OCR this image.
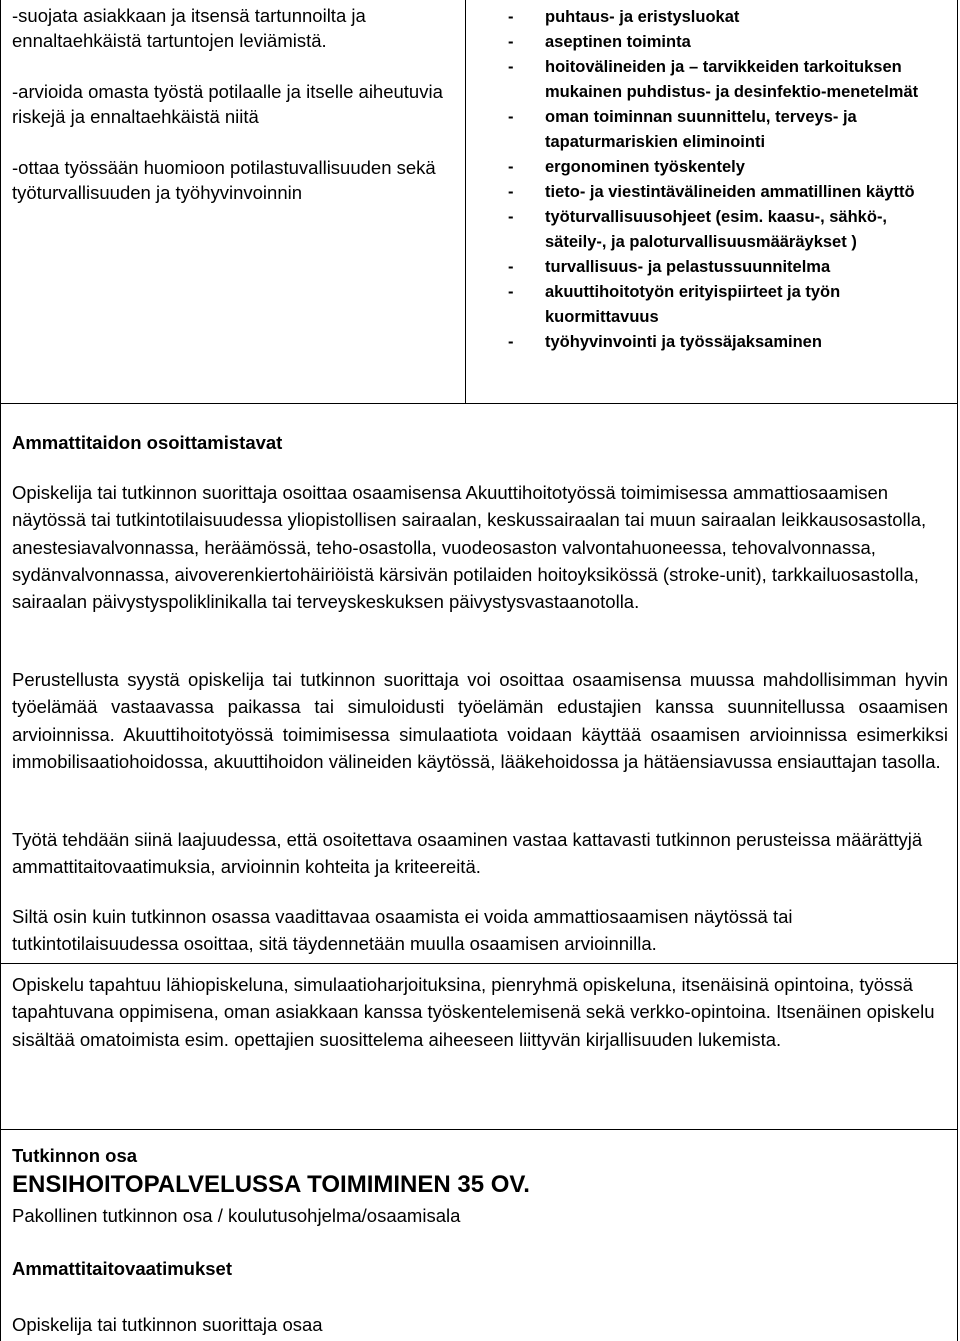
-suojata asiakkaan ja itsensä tartunnoilta ja ennaltaehkäistä tartuntojen leviämistä.

-arvioida omasta työstä potilaalle ja itselle aiheutuvia riskejä ja ennaltaehkäistä niitä

-ottaa työssään huomioon potilastuvallisuuden sekä työturvallisuuden ja työhyvinvoinnin

- puhtaus- ja eristysluokat
- aseptinen toiminta
- hoitovälineiden ja – tarvikkeiden tarkoituksen mukainen puhdistus- ja desinfektio-menetelmät
- oman toiminnan suunnittelu, terveys- ja tapaturmariskien eliminointi
- ergonominen työskentely
- tieto- ja viestintävälineiden ammatillinen käyttö
- työturvallisuusohjeet (esim. kaasu-, sähkö-, säteily-, ja paloturvallisuusmääräykset )
- turvallisuus- ja pelastussuunnitelma
- akuuttihoitotyön erityispiirteet ja työn kuormittavuus
- työhyvinvointi ja työssäjaksaminen
Ammattitaidon osoittamistavat
Opiskelija tai tutkinnon suorittaja osoittaa osaamisensa Akuuttihoitotyössä toimimisessa ammattiosaamisen näytössä tai tutkintotilaisuudessa yliopistollisen sairaalan, keskussairaalan tai muun sairaalan leikkausosastolla, anestesiavalvonnassa, heräämössä, teho-osastolla, vuodeosaston valvontahuoneessa, tehovalvonnassa, sydänvalvonnassa, aivoverenkiertohäiriöistä kärsivän potilaiden hoitoyksikössä (stroke-unit), tarkkailuosastolla, sairaalan päivystyspoliklinikalla tai terveyskeskuksen päivystysvastaanotolla.
Perustellusta syystä opiskelija tai tutkinnon suorittaja voi osoittaa osaamisensa muussa mahdollisimman hyvin työelämää vastaavassa paikassa tai simuloidusti työelämän edustajien kanssa suunnitellussa osaamisen arvioinnissa. Akuuttihoitotyössä toimimisessa simulaatiota voidaan käyttää osaamisen arvioinnissa esimerkiksi immobilisaatiohoidossa, akuuttihoidon välineiden käytössä, lääkehoidossa ja hätäensiavussa ensiauttajan tasolla.
Työtä tehdään siinä laajuudessa, että osoitettava osaaminen vastaa kattavasti tutkinnon perusteissa määrättyjä ammattitaitovaatimuksia, arvioinnin kohteita ja kriteereitä.
Siltä osin kuin tutkinnon osassa vaadittavaa osaamista ei voida ammattiosaamisen näytössä tai tutkintotilaisuudessa osoittaa, sitä täydennetään muulla osaamisen arvioinnilla.
Opiskelu tapahtuu lähiopiskeluna, simulaatioharjoituksina, pienryhmä opiskeluna, itsenäisinä opintoina, työssä tapahtuvana oppimisena, oman asiakkaan kanssa työskentelemisenä sekä verkko-opintoina. Itsenäinen opiskelu sisältää omatoimista esim. opettajien suosittelema aiheeseen liittyvän kirjallisuuden lukemista.
Tutkinnon osa
ENSIHOITOPALVELUSSA TOIMIMINEN 35 OV.
Pakollinen tutkinnon osa / koulutusohjelma/osaamisala
Ammattitaitovaatimukset
Opiskelija tai tutkinnon suorittaja osaa
